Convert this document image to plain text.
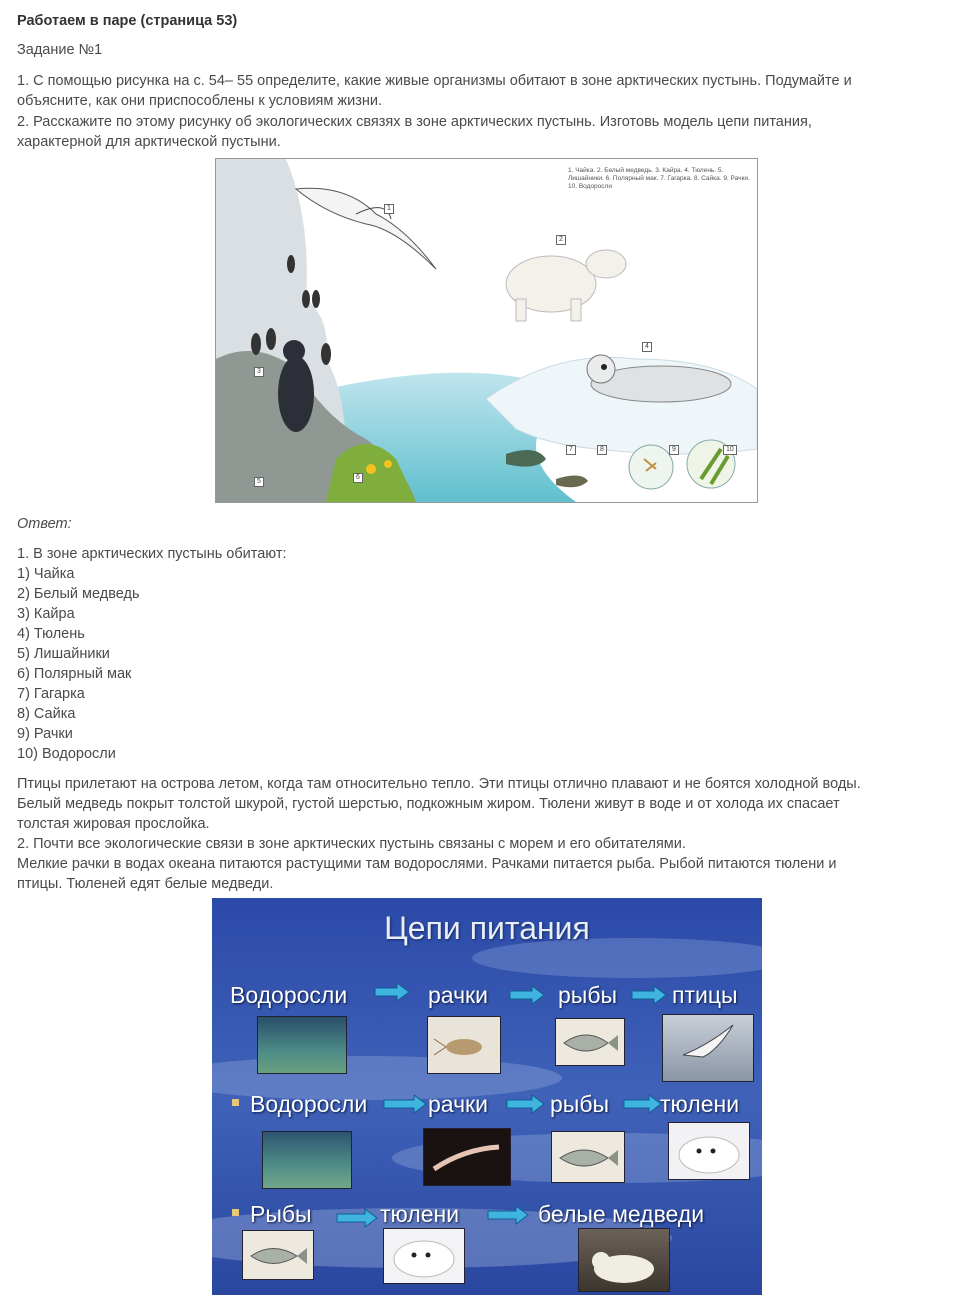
Работаем в паре (страница 53)
Задание №1
1. С помощью рисунка на с. 54– 55 определите, какие живые организмы обитают в зоне арктических пустынь. Подумайте и
объясните, как они приспособлены к условиям жизни.
2. Расскажите по этому рисунку об экологических связях в зоне арктических пустынь. Изготовь модель цепи питания,
характерной для арктической пустыни.
Ответ:
1. В зоне арктических пустынь обитают:
1) Чайка
2) Белый медведь
3) Кайра
4) Тюлень
5) Лишайники
6) Полярный мак
7) Гагарка
8) Сайка
9) Рачки
10) Водоросли
Птицы прилетают на острова летом, когда там относительно тепло. Эти птицы отлично плавают и не боятся холодной воды.
Белый медведь покрыт толстой шкурой, густой шерстью, подкожным жиром. Тюлени живут в воде и от холода их спасает
толстая жировая прослойка.
2. Почти все экологические связи в зоне арктических пустынь связаны с морем и его обитателями.
Мелкие рачки в водах океана питаются растущими там водорослями. Рачками питается рыба. Рыбой питаются тюлени и
птицы. Тюленей едят белые медведи.
1. Чайка. 2. Белый медведь. 3. Кайра. 4. Тюлень. 5. Лишайники. 6. Полярный мак. 7. Гагарка. 8. Сайка. 9. Рачки. 10. Водоросли
1
2
3
4
5
6
7	8	9	10
Цепи питания
Водоросли	рачки	рыбы птицы
Водоросли	рачки	рыбы тюлени
Рыбы	тюлени	белые медведи
